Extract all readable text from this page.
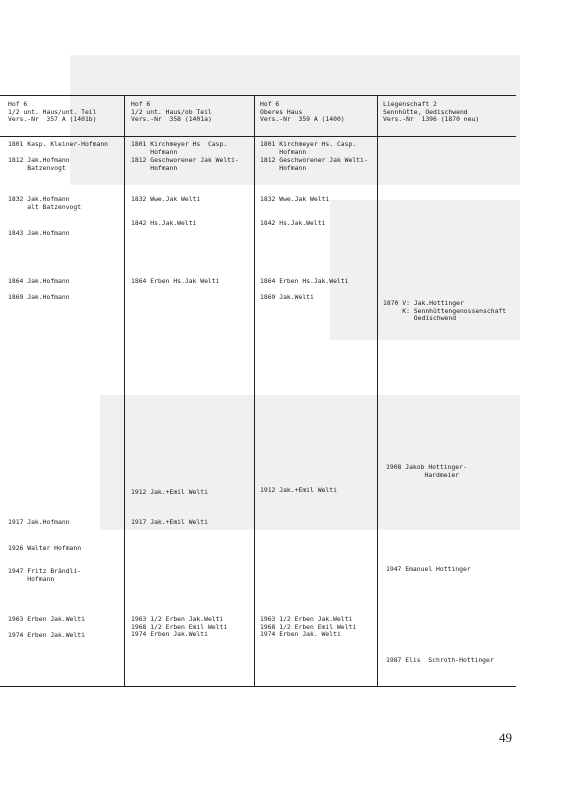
Hof 6
1/2 unt. Haus/unt. Teil
Vers.-Nr  357 A (1401b)
1801 Kasp. Kleiner-Hofmann
1812 Jak.Hofmann
Batzenvogt
1832 Jak.Hofmann
alt Batzenvogt
1843 Jak.Hofmann
1864 Jak.Hofmann
1869 Jak.Hofmann
1917 Jak.Hofmann
1926 Walter Hofmann
1947 Fritz Brändli-
Hofmann
1963 Erben Jak.Welti
1974 Erben Jak.Welti
Hof 6
1/2 unt. Haus/ob Teil
Vers.-Nr  358 (1401a)
1801 Kirchmeyer Hs  Casp.
Hofmann
1812 Geschworener Jak Welti-
Hofmann
1832 Wwe.Jak Welti
1842 Hs.Jak.Welti
1864 Erben Hs.Jak Welti
1912 Jak.+Emil Welti
1917 Jak.+Emil Welti
1963 1/2 Erben Jak.Welti
1968 1/2 Erben Emil Welti
1974 Erben Jak.Welti
Hof 6
Oberes Haus
Vers.-Nr  359 A (1400)
1801 Kirchmeyer Hs. Casp.
Hofmann
1812 Geschworener Jak Welti-
Hofmann
1832 Wwe.Jak Welti
1842 Hs.Jak.Welti
1864 Erben Hs.Jak.Welti
1869 Jak.Welti
1912 Jak.+Emil Welti
1963 1/2 Erben Jak.Welti
1968 1/2 Erben Emil Welti
1974 Erben Jak. Welti
Liegenschaft 2
Sennhütte, Oedischwend
Vers.-Nr  1396 (1870 neu)
1870 V: Jak.Hottinger
K: Sennhüttengenossenschaft
Oedischwend
1908 Jakob Hottinger-
Hardmeier
1947 Emanuel Hottinger
1987 Elis  Schroth-Hottinger
49
